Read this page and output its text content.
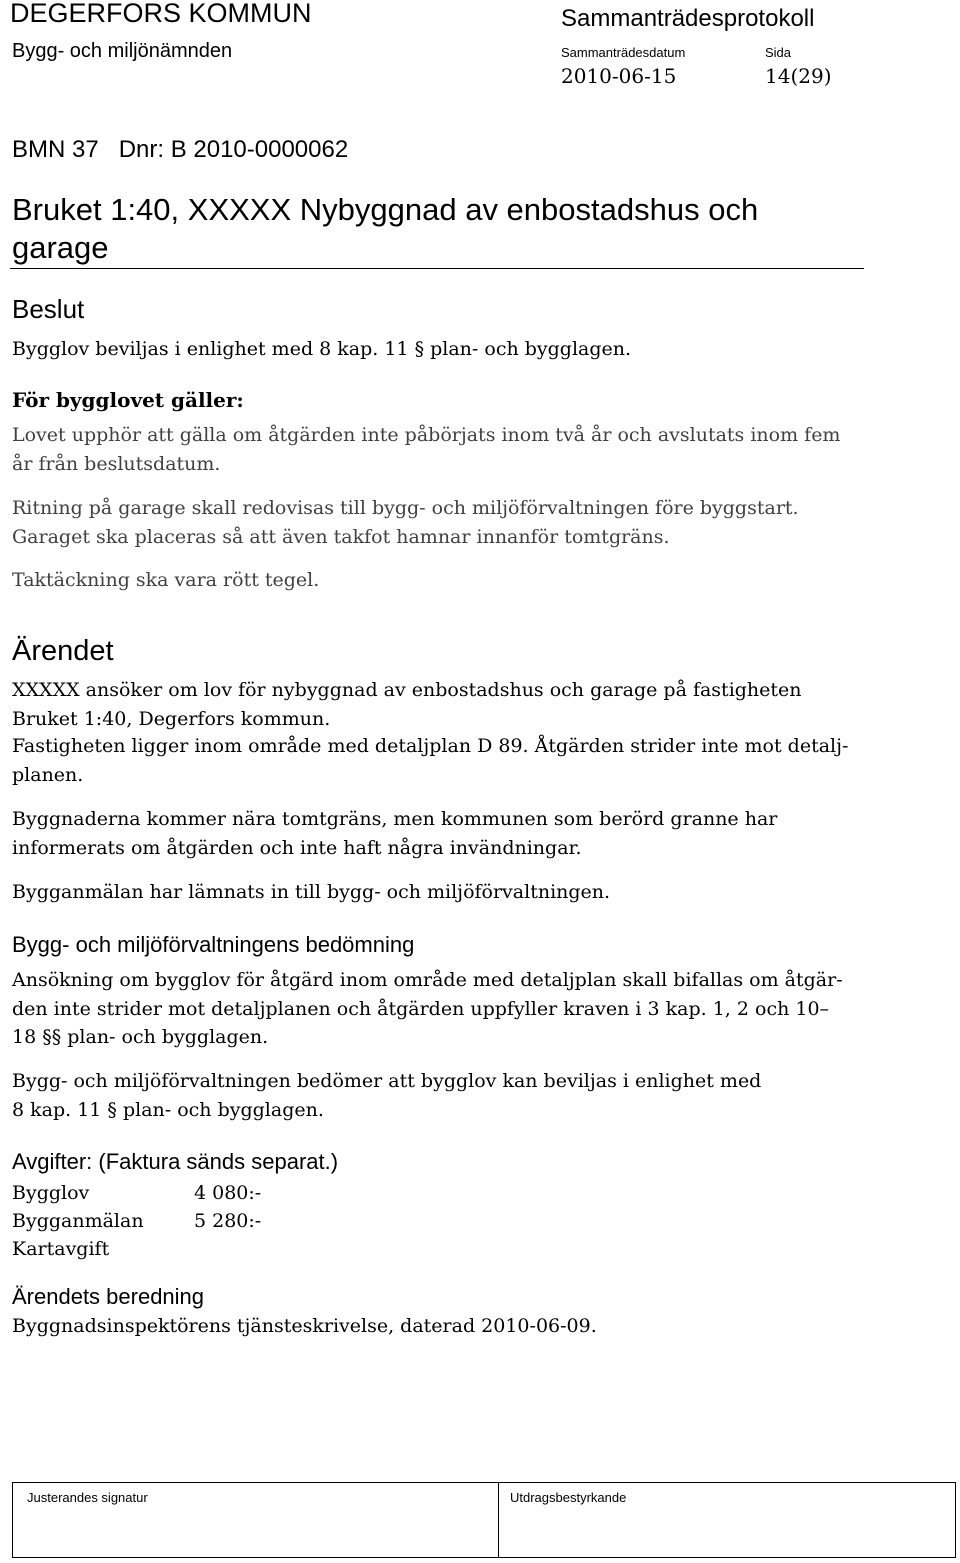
DEGERFORS KOMMUN
Bygg- och miljönämnden
Sammanträdesprotokoll
Sammanträdesdatum	Sida
2010-06-15	14(29)
BMN 37   Dnr: B 2010-0000062
Bruket 1:40, XXXXX Nybyggnad av enbostadshus och garage
Beslut
Bygglov beviljas i enlighet med 8 kap. 11 § plan- och bygglagen.
För bygglovet gäller:
Lovet upphör att gälla om åtgärden inte påbörjats inom två år och avslutats inom fem år från beslutsdatum.
Ritning på garage skall redovisas till bygg- och miljöförvaltningen före byggstart. Garaget ska placeras så att även takfot hamnar innanför tomtgräns.
Taktäckning ska vara rött tegel.
Ärendet
XXXXX ansöker om lov för nybyggnad av enbostadshus och garage på fastigheten Bruket 1:40, Degerfors kommun.
Fastigheten ligger inom område med detaljplan D 89. Åtgärden strider inte mot detalj-planen.
Byggnaderna kommer nära tomtgräns, men kommunen som berörd granne har informerats om åtgärden och inte haft några invändningar.
Bygganmälan har lämnats in till bygg- och miljöförvaltningen.
Bygg- och miljöförvaltningens bedömning
Ansökning om bygglov för åtgärd inom område med detaljplan skall bifallas om åtgär-den inte strider mot detaljplanen och åtgärden uppfyller kraven i 3 kap. 1, 2 och 10–18 §§ plan- och bygglagen.
Bygg- och miljöförvaltningen bedömer att bygglov kan beviljas i enlighet med 8 kap. 11 § plan- och bygglagen.
Avgifter: (Faktura sänds separat.)
Bygglov	4 080:-
Bygganmälan	5 280:-
Kartavgift	
Ärendets beredning
Byggnadsinspektörens tjänsteskrivelse, daterad 2010-06-09.
Justerandes signatur	Utdragsbestyrkande
